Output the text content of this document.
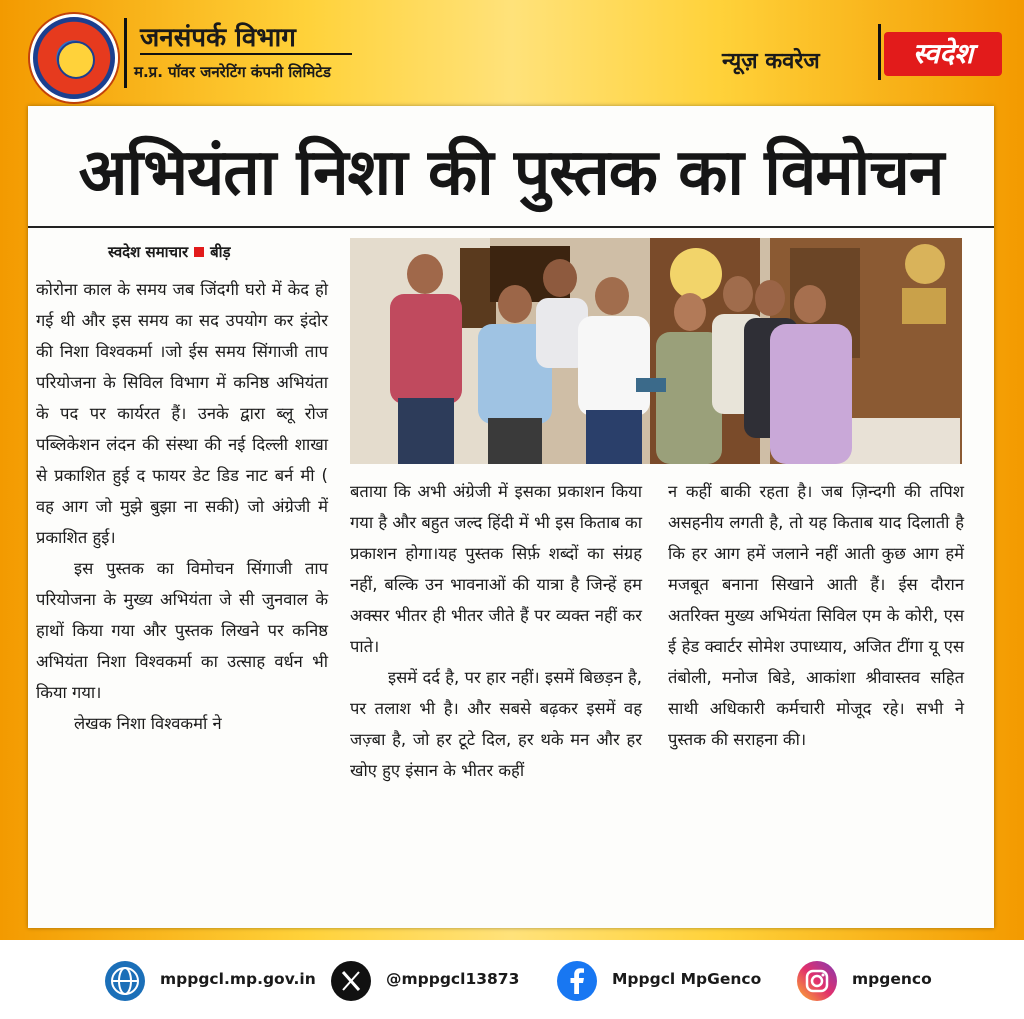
जनसंपर्क विभाग
म.प्र. पॉवर जनरेटिंग कंपनी लिमिटेड	न्यूज़ कवरेज	स्वदेश
अभियंता निशा की पुस्तक का विमोचन
स्वदेश समाचार बीड़

कोरोना काल के समय जब जिंदगी घरो में केद हो गई थी और इस समय का सद उपयोग कर इंदोर की निशा विश्वकर्मा ।जो ईस समय सिंगाजी ताप परियोजना के सिविल विभाग में कनिष्ठ अभियंता के पद पर कार्यरत हैं। उनके द्वारा ब्लू रोज पब्लिकेशन लंदन की संस्था की नई दिल्ली शाखा से प्रकाशित हुई द फायर डेट डिड नाट बर्न मी ( वह आग जो मुझे बुझा ना सकी) जो अंग्रेजी में प्रकाशित हुई।

इस पुस्तक का विमोचन सिंगाजी ताप परियोजना के मुख्य अभियंता जे सी जुनवाल के हाथों किया गया और पुस्तक लिखने पर कनिष्ठ अभियंता निशा विश्वकर्मा का उत्साह वर्धन भी किया गया।

लेखक निशा विश्वकर्मा ने

बताया कि अभी अंग्रेजी में इसका प्रकाशन किया गया है और बहुत जल्द हिंदी में भी इस किताब का प्रकाशन होगा।यह पुस्तक सिर्फ़ शब्दों का संग्रह नहीं, बल्कि उन भावनाओं की यात्रा है जिन्हें हम अक्सर भीतर ही भीतर जीते हैं पर व्यक्त नहीं कर पाते।

इसमें दर्द है, पर हार नहीं। इसमें बिछड़न है, पर तलाश भी है। और सबसे बढ़कर इसमें वह जज़्बा है, जो हर टूटे दिल, हर थके मन और हर खोए हुए इंसान के भीतर कहीं

न कहीं बाकी रहता है। जब ज़िन्दगी की तपिश असहनीय लगती है, तो यह किताब याद दिलाती है कि हर आग हमें जलाने नहीं आती कुछ आग हमें मजबूत बनाना सिखाने आती हैं। ईस दौरान अतरिक्त मुख्य अभियंता सिविल एम के कोरी, एस ई हेड क्वार्टर सोमेश उपाध्याय, अजित टींगा यू एस तंबोली, मनोज बिडे, आकांशा श्रीवास्तव सहित साथी अधिकारी कर्मचारी मोजूद रहे। सभी ने पुस्तक की सराहना की।

mppgcl.mp.gov.in	@mppgcl13873	Mppgcl MpGenco	mpgenco
